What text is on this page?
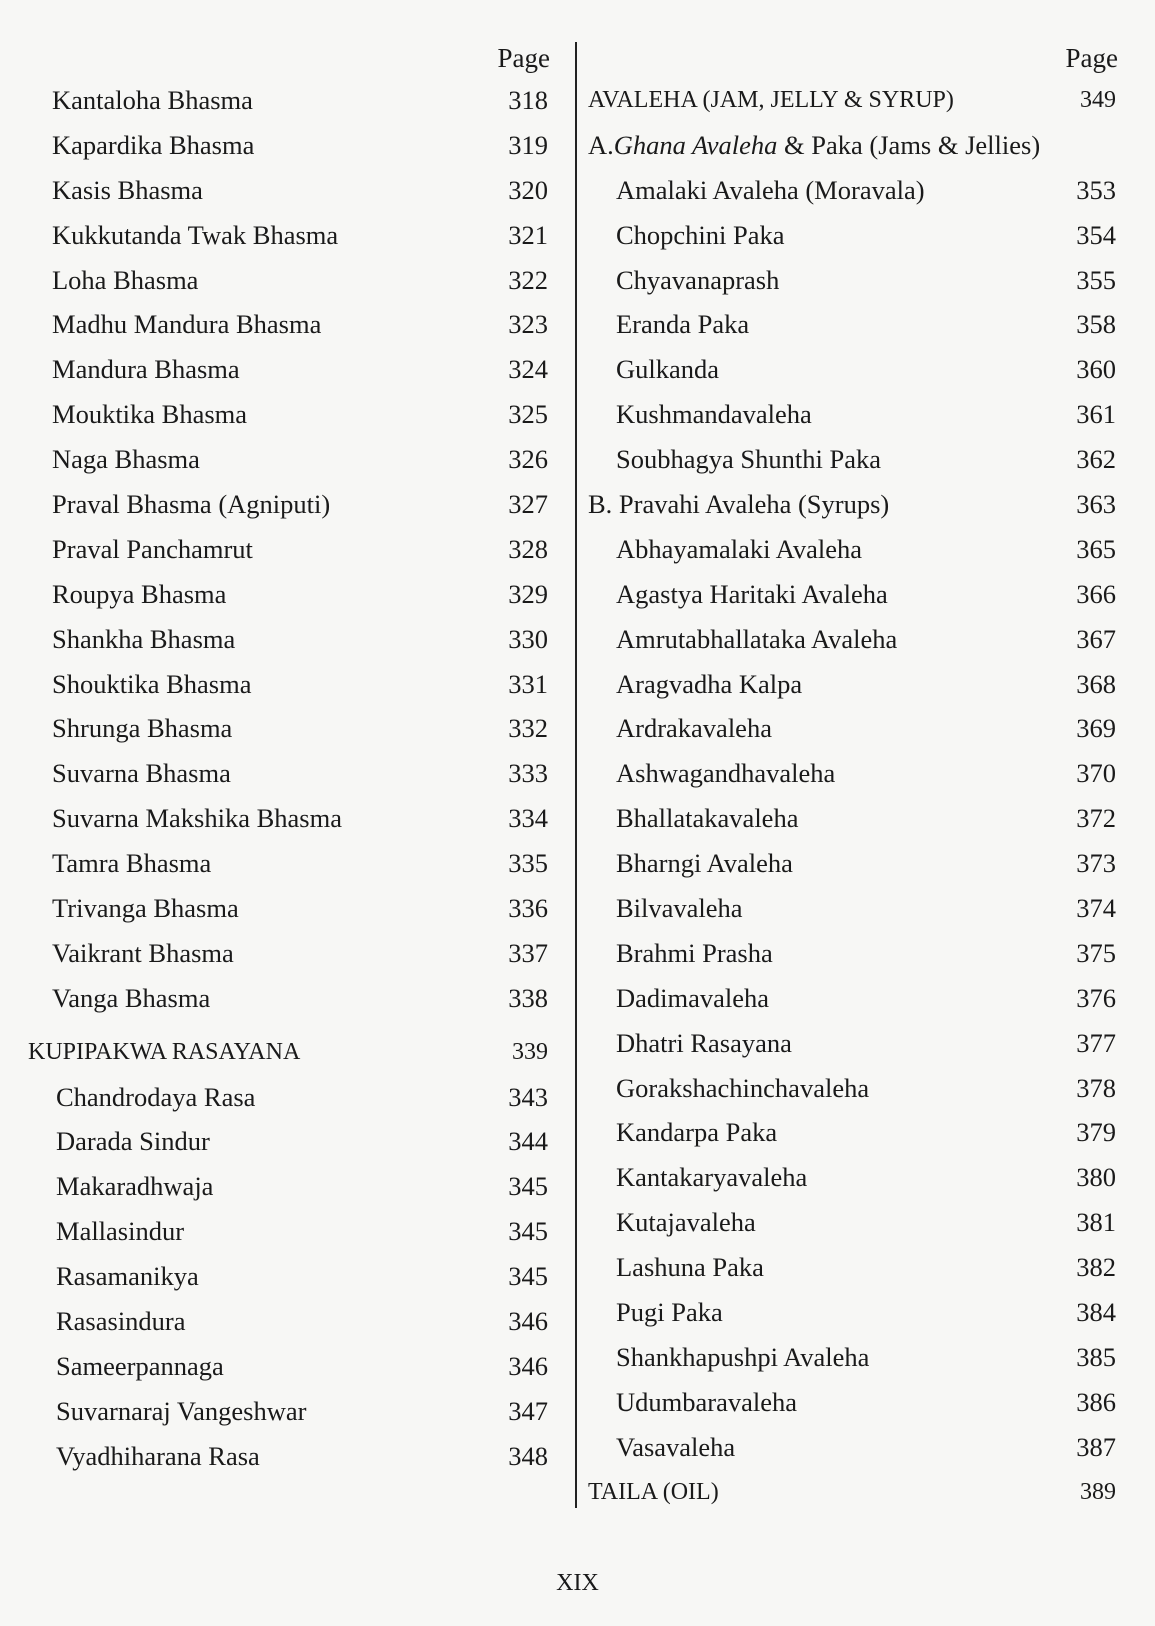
Page
Kantaloha Bhasma	318
Kapardika Bhasma	319
Kasis Bhasma	320
Kukkutanda Twak Bhasma	321
Loha Bhasma	322
Madhu Mandura Bhasma	323
Mandura Bhasma	324
Mouktika Bhasma	325
Naga Bhasma	326
Praval Bhasma (Agniputi)	327
Praval Panchamrut	328
Roupya Bhasma	329
Shankha Bhasma	330
Shouktika Bhasma	331
Shrunga Bhasma	332
Suvarna Bhasma	333
Suvarna Makshika Bhasma	334
Tamra Bhasma	335
Trivanga Bhasma	336
Vaikrant Bhasma	337
Vanga Bhasma	338
KUPIPAKWA RASAYANA	339
Chandrodaya Rasa	343
Darada Sindur	344
Makaradhwaja	345
Mallasindur	345
Rasamanikya	345
Rasasindura	346
Sameerpannaga	346
Suvarnaraj Vangeshwar	347
Vyadhiharana Rasa	348
Page
AVALEHA (JAM, JELLY & SYRUP)	349
A.Ghana Avaleha & Paka (Jams & Jellies)
Amalaki Avaleha (Moravala)	353
Chopchini Paka	354
Chyavanaprash	355
Eranda Paka	358
Gulkanda	360
Kushmandavaleha	361
Soubhagya Shunthi Paka	362
B. Pravahi Avaleha (Syrups)	363
Abhayamalaki Avaleha	365
Agastya Haritaki Avaleha	366
Amrutabhallataka Avaleha	367
Aragvadha Kalpa	368
Ardrakavaleha	369
Ashwagandhavaleha	370
Bhallatakavaleha	372
Bharngi Avaleha	373
Bilvavaleha	374
Brahmi Prasha	375
Dadimavaleha	376
Dhatri Rasayana	377
Gorakshachinchavaleha	378
Kandarpa Paka	379
Kantakaryavaleha	380
Kutajavaleha	381
Lashuna Paka	382
Pugi Paka	384
Shankhapushpi Avaleha	385
Udumbaravaleha	386
Vasavaleha	387
TAILA (OIL)	389
XIX
